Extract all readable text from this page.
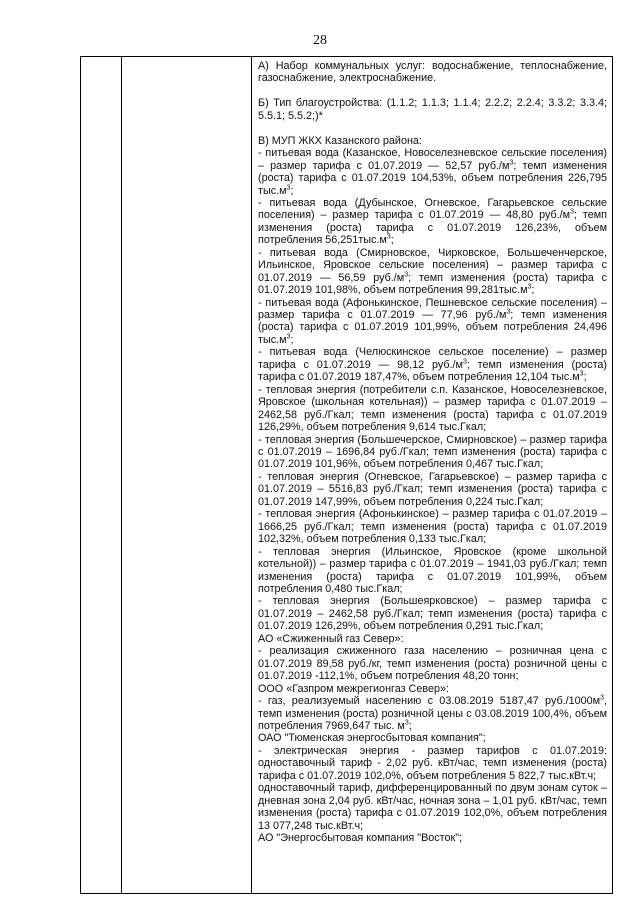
28

А) Набор коммунальных услуг: водоснабжение, теплоснабжение, газоснабжение, электроснабжение.

Б) Тип благоустройства: (1.1.2; 1.1.3; 1.1.4; 2.2.2; 2.2.4; 3.3.2; 3.3.4; 5.5.1; 5.5.2;)*

В) МУП ЖКХ Казанского района:

- питьевая вода (Казанское, Новоселезневское сельские поселения) – размер тарифа с 01.07.2019 — 52,57 $руб./м^3$; темп изменения (роста) тарифа с 01.07.2019 104,53%, объем потребления 226,795 $тыс.м^3$;

- питьевая вода (Дубынское, Огневское, Гагарьевское сельские поселения) – размер тарифа с 01.07.2019 — 48,80 $руб./м^3$; темп изменения (роста) тарифа с 01.07.2019 126,23%, объем потребления $56,251тыс.м^3$;

- питьевая вода (Смирновское, Чирковское, Большеченчерское, Ильинское, Яровское сельские поселения) – размер тарифа с 01.07.2019 — 56,59 $руб./м^3$; темп изменения (роста) тарифа с 01.07.2019 101,98%, объем потребления $99,281тыс.м^3$;

- питьевая вода (Афонькинское, Пешневское сельские поселения) – размер тарифа с 01.07.2019 — 77,96 $руб./м^3$; темп изменения (роста) тарифа с 01.07.2019 101,99%, объем потребления 24,496 $тыс.м^3$;

- питьевая вода (Челюскинское сельское поселение) – размер тарифа с 01.07.2019 — 98,12 $руб./м^3$; темп изменения (роста) тарифа с 01.07.2019 187,47%, объем потребления 12,104 $тыс.м^3$;

- тепловая энергия (потребители с.п. Казанское, Новоселезневское, Яровское (школьная котельная)) – размер тарифа с 01.07.2019 – 2462,58 руб./Гкал; темп изменения (роста) тарифа с 01.07.2019 126,29%, объем потребления 9,614 тыс.Гкал;

- тепловая энергия (Большечерское, Смирновское) – размер тарифа с 01.07.2019 – 1696,84 руб./Гкал; темп изменения (роста) тарифа с 01.07.2019 101,96%, объем потребления 0,467 тыс.Гкал;

- тепловая энергия (Огневское, Гагарьевское) – размер тарифа с 01.07.2019 – 5516,83 руб./Гкал; темп изменения (роста) тарифа с 01.07.2019 147,99%, объем потребления 0,224 тыс.Гкал;

- тепловая энергия (Афонькинское) – размер тарифа с 01.07.2019 – 1666,25 руб./Гкал; темп изменения (роста) тарифа с 01.07.2019 102,32%, объем потребления 0,133 тыс.Гкал;

- тепловая энергия (Ильинское, Яровское (кроме школьной котельной)) – размер тарифа с 01.07.2019 – 1941,03 руб./Гкал; темп изменения (роста) тарифа с 01.07.2019 101,99%, объем потребления 0,480 тыс.Гкал;

- тепловая энергия (Большеярковское) – размер тарифа с 01.07.2019 – 2462,58 руб./Гкал; темп изменения (роста) тарифа с 01.07.2019 126,29%, объем потребления 0,291 тыс.Гкал;

АО «Сжиженный газ Север»:

- реализация сжиженного газа населению – розничная цена с 01.07.2019 89,58 руб./кг, темп изменения (роста) розничной цены с 01.07.2019 -112,1%, объем потребления 48,20 тонн;

ООО «Газпром межрегионгаз Север»:

- газ, реализуемый населению с 03.08.2019 5187,47 $руб./1000м^3$, темп изменения (роста) розничной цены с 03.08.2019 100,4%, объем потребления 7969,647 тыс. $м^3$;

ОАО "Тюменская энергосбытовая компания";

- электрическая энергия - размер тарифов с 01.07.2019: одноставочный тариф - 2,02 руб. кВт/час, темп изменения (роста) тарифа с 01.07.2019 102,0%, объем потребления 5 822,7 тыс.кВт.ч;

одноставочный тариф, дифференцированный по двум зонам суток – дневная зона 2,04 руб. кВт/час, ночная зона – 1,01 руб. кВт/час, темп изменения (роста) тарифа с 01.07.2019 102,0%, объем потребления 13 077,248 тыс.кВт.ч;

АО "Энергосбытовая компания "Восток";
